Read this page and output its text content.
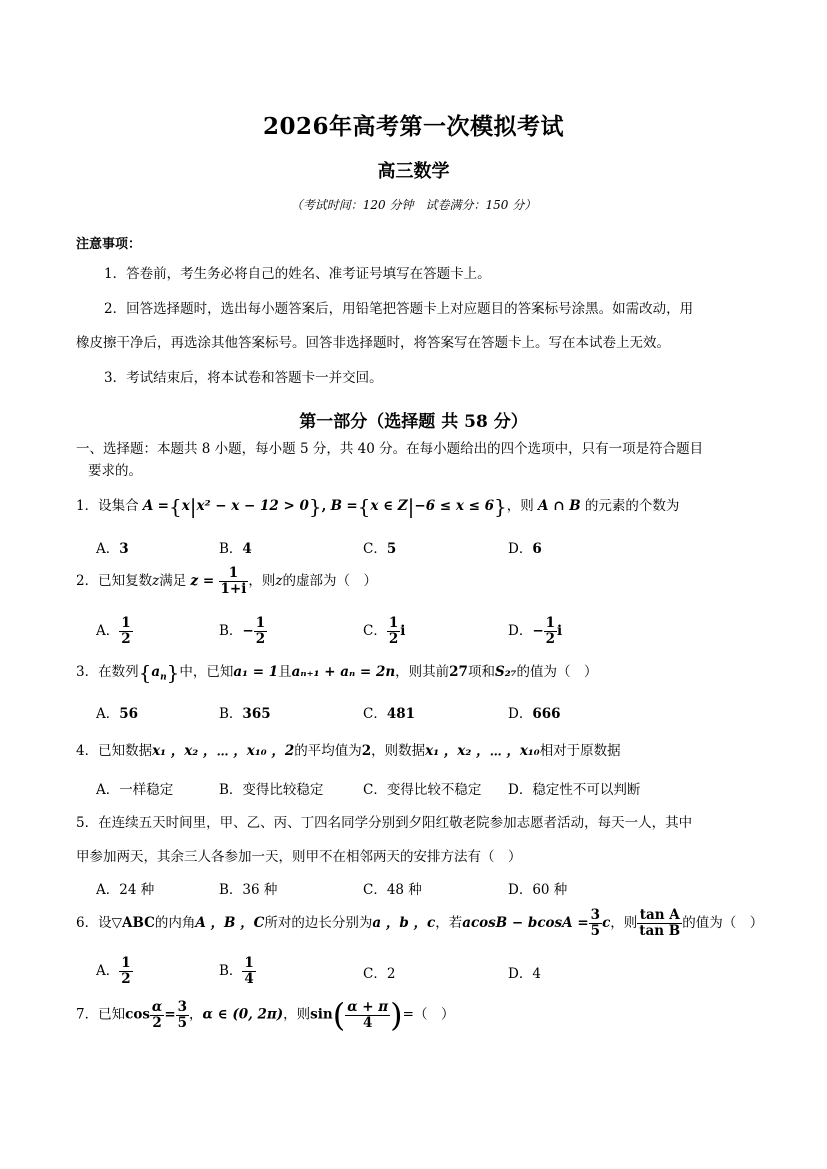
2026年高考第一次模拟考试
高三数学
（考试时间：120 分钟　试卷满分：150 分）
注意事项：
1．答卷前，考生务必将自己的姓名、准考证号填写在答题卡上。
2．回答选择题时，选出每小题答案后，用铅笔把答题卡上对应题目的答案标号涂黑。如需改动，用
橡皮擦干净后，再选涂其他答案标号。回答非选择题时，将答案写在答题卡上。写在本试卷上无效。
3．考试结束后，将本试卷和答题卡一并交回。
第一部分（选择题 共 58 分）
一、选择题：本题共 8 小题，每小题 5 分，共 40 分。在每小题给出的四个选项中，只有一项是符合题目
要求的。
1．设集合 A ={x|x² − x − 12 > 0}, B ={x ∈ Z|−6 ≤ x ≤ 6}，则 A ∩ B 的元素的个数为
A．3	B．4	C．5	D．6
2．已知复数z满足 $z = \frac{1}{1+i}$ ，则z的虚部为（　）
A． $\frac{1}{2}$	B．− $\frac{1}{2}$	C． $\frac{1}{2}$ i	D．− $\frac{1}{2}$ i
3．在数列$\{a_n\}$中，已知a₁ = 1且aₙ₊₁ + aₙ = 2n，则其前27项和S₂₇的值为（　）
A．56	B．365	C．481	D．666
4．已知数据x₁ ，x₂ ，⋯ ，x₁₀ ，2的平均值为2，则数据x₁ ，x₂ ，⋯ ，x₁₀相对于原数据
A．一样稳定	B．变得比较稳定	C．变得比较不稳定 D．稳定性不可以判断
5．在连续五天时间里，甲、乙、丙、丁四名同学分别到夕阳红敬老院参加志愿者活动，每天一人，其中
甲参加两天，其余三人各参加一天，则甲不在相邻两天的安排方法有（　）
A．24 种	B．36 种	C．48 种	D．60 种
6．设▽ABC的内角A ，B ，C所对的边长分别为a ，b ，c，若$acosB - bcosA = \frac{3}{5}$ c，则 $\frac{\text{tan A}}{\text{tan B}}$ 的值为（　）
A． $\frac{1}{2}$	B． $\frac{1}{4}$	C．2	D．4
7．已知$\cos \frac{\alpha}{2} = \frac{3}{5}$ ，α ∈ (0, 2π)，则$\sin( \frac{\alpha + \pi}{4}$ )=（　）
